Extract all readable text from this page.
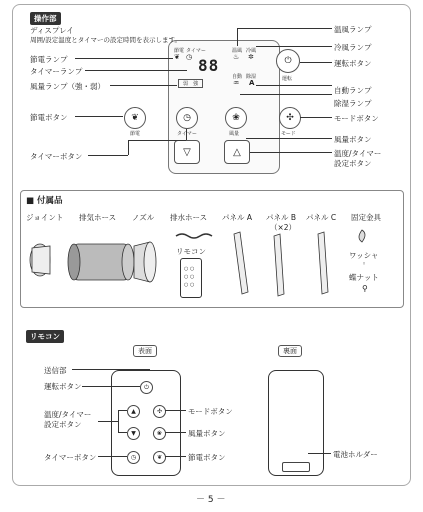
操作部
ディスプレイ
周囲/設定温度とタイマーの設定時間を表示します。
88
節電ランプ
タイマーランプ
風量ランプ（強・弱）
節電 タイマー
❦ ◷
弱　強
温風 冷風
♨ ✲
自動 除湿
♒ A
⏻
運転
温風ランプ
冷風ランプ
運転ボタン
自動ランプ
除湿ランプ
❦
節電
◷
タイマー
❀
風量
✣
モード
▽	△
節電ボタン
タイマーボタン
モードボタン
風量ボタン
温度/タイマー
設定ボタン
■ 付属品
ジョイント 排気ホース ノズル 排水ホース パネル A パネル B
（×2）
パネル C 固定金具
リモコン
○ ○
○ ○
○ ○
ワッシャ
◦
蝶ナット
⚲
リモコン
表面	裏面
⏻
▲
▼
✣
❀
◷	❦
送信部
運転ボタン
温度/タイマー
設定ボタン
タイマーボタン
モードボタン
風量ボタン
節電ボタン	電池ホルダー
－ 5 －
